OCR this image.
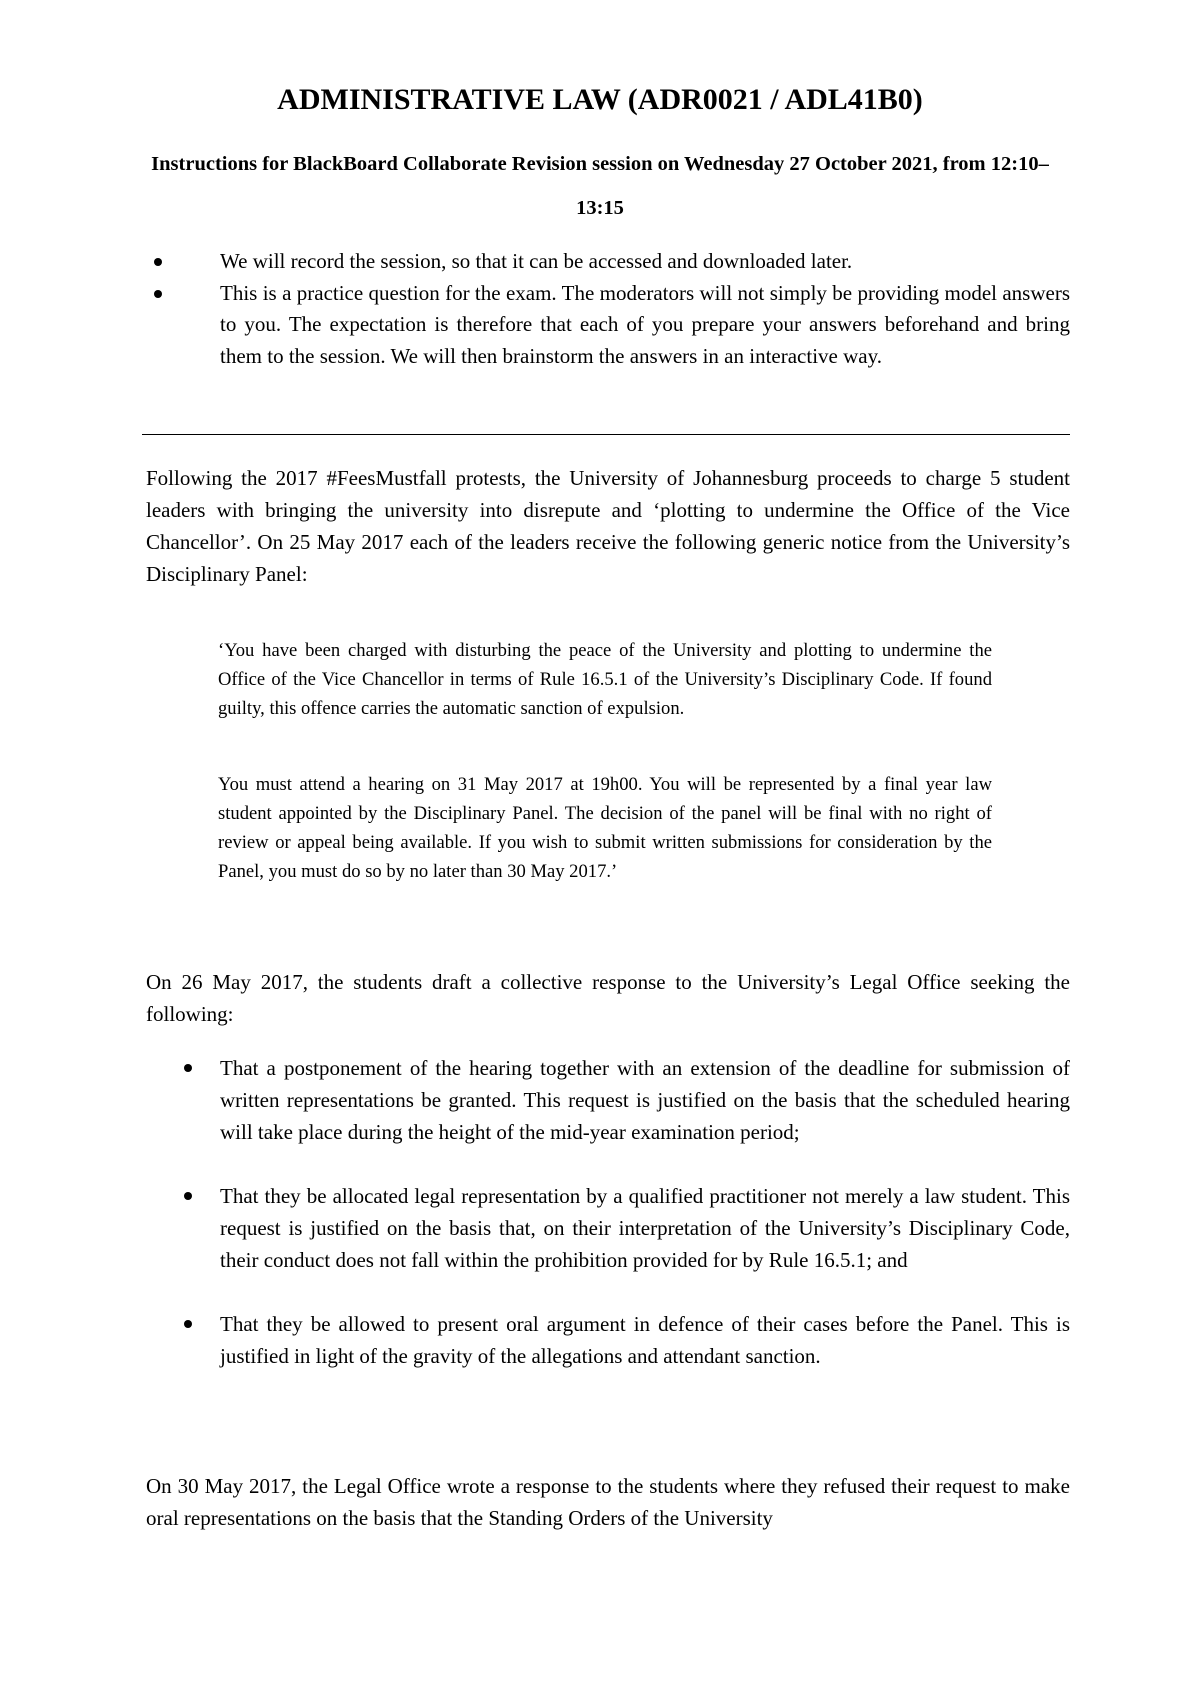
ADMINISTRATIVE LAW (ADR0021 / ADL41B0)

Instructions for BlackBoard Collaborate Revision session on Wednesday 27 October 2021, from 12:10– 13:15

We will record the session, so that it can be accessed and downloaded later.
This is a practice question for the exam. The moderators will not simply be providing model answers to you. The expectation is therefore that each of you prepare your answers beforehand and bring them to the session. We will then brainstorm the answers in an interactive way.

Following the 2017 #FeesMustfall protests, the University of Johannesburg proceeds to charge 5 student leaders with bringing the university into disrepute and ‘plotting to undermine the Office of the Vice Chancellor’. On 25 May 2017 each of the leaders receive the following generic notice from the University’s Disciplinary Panel:

‘You have been charged with disturbing the peace of the University and plotting to undermine the Office of the Vice Chancellor in terms of Rule 16.5.1 of the University’s Disciplinary Code. If found guilty, this offence carries the automatic sanction of expulsion.

You must attend a hearing on 31 May 2017 at 19h00. You will be represented by a final year law student appointed by the Disciplinary Panel. The decision of the panel will be final with no right of review or appeal being available. If you wish to submit written submissions for consideration by the Panel, you must do so by no later than 30 May 2017.’

On 26 May 2017, the students draft a collective response to the University’s Legal Office seeking the following:

That a postponement of the hearing together with an extension of the deadline for submission of written representations be granted. This request is justified on the basis that the scheduled hearing will take place during the height of the mid-year examination period;
That they be allocated legal representation by a qualified practitioner not merely a law student. This request is justified on the basis that, on their interpretation of the University’s Disciplinary Code, their conduct does not fall within the prohibition provided for by Rule 16.5.1; and
That they be allowed to present oral argument in defence of their cases before the Panel. This is justified in light of the gravity of the allegations and attendant sanction.

On 30 May 2017, the Legal Office wrote a response to the students where they refused their request to make oral representations on the basis that the Standing Orders of the University
